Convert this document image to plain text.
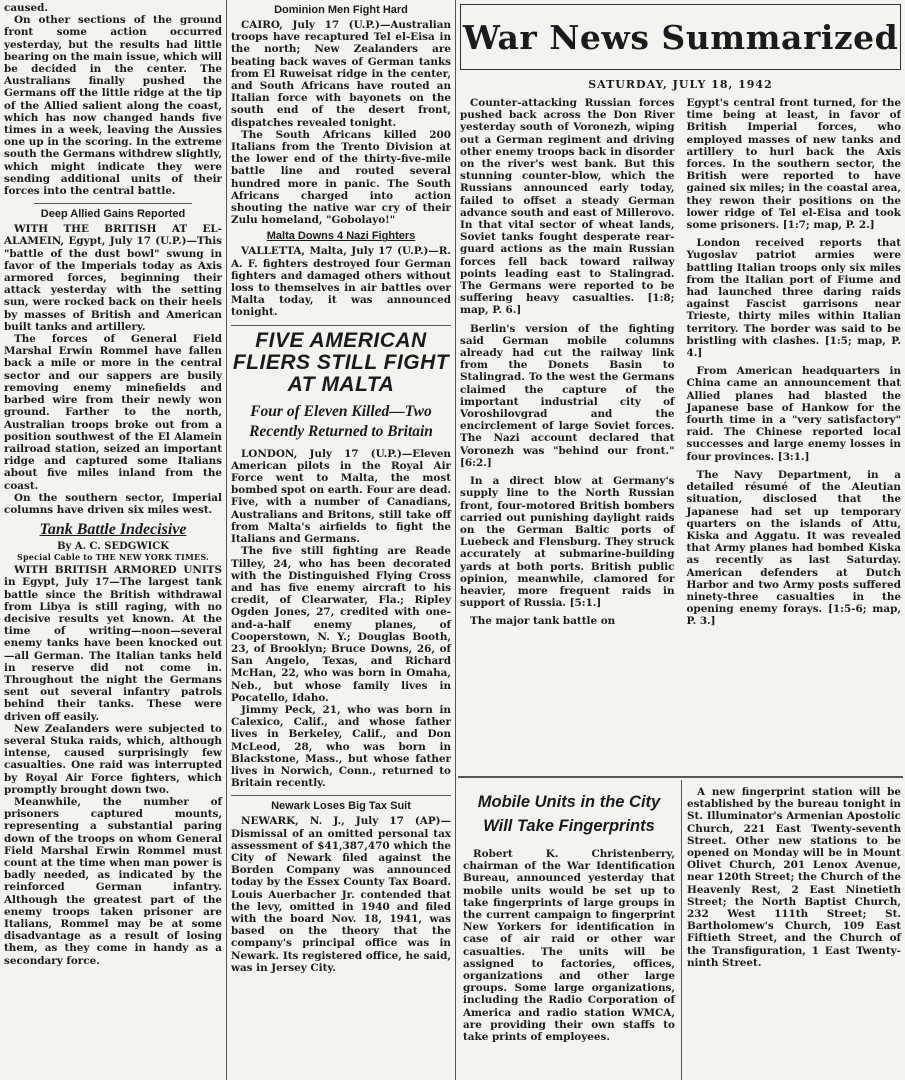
caused.

On other sections of the ground front some action occurred yesterday, but the results had little bearing on the main issue, which will be decided in the center. The Australians finally pushed the Germans off the little ridge at the tip of the Allied salient along the coast, which has now changed hands five times in a week, leaving the Aussies one up in the scoring. In the extreme south the Germans withdrew slightly, which might indicate they were sending additional units of their forces into the central battle.

Deep Allied Gains Reported

WITH THE BRITISH AT EL-ALAMEIN, Egypt, July 17 (U.P.)—This "battle of the dust bowl" swung in favor of the Imperials today as Axis armored forces, beginning their attack yesterday with the setting sun, were rocked back on their heels by masses of British and American built tanks and artillery.

The forces of General Field Marshal Erwin Rommel have fallen back a mile or more in the central sector and our sappers are busily removing enemy minefields and barbed wire from their newly won ground. Farther to the north, Australian troops broke out from a position southwest of the El Alamein railroad station, seized an important ridge and captured some Italians about five miles inland from the coast.

On the southern sector, Imperial columns have driven six miles west.

Tank Battle Indecisive

By A. C. SEDGWICK

Special Cable to THE NEW YORK TIMES.

WITH BRITISH ARMORED UNITS in Egypt, July 17—The largest tank battle since the British withdrawal from Libya is still raging, with no decisive results yet known. At the time of writing—noon—several enemy tanks have been knocked out—all German. The Italian tanks held in reserve did not come in. Throughout the night the Germans sent out several infantry patrols behind their tanks. These were driven off easily.

New Zealanders were subjected to several Stuka raids, which, although intense, caused surprisingly few casualties. One raid was interrupted by Royal Air Force fighters, which promptly brought down two.

Meanwhile, the number of prisoners captured mounts, representing a substantial paring down of the troops on whom General Field Marshal Erwin Rommel must count at the time when man power is badly needed, as indicated by the reinforced German infantry. Although the greatest part of the enemy troops taken prisoner are Italians, Rommel may be at some disadvantage as a result of losing them, as they come in handy as a secondary force.

Dominion Men Fight Hard

CAIRO, July 17 (U.P.)—Australian troops have recaptured Tel el-Eisa in the north; New Zealanders are beating back waves of German tanks from El Ruweisat ridge in the center, and South Africans have routed an Italian force with bayonets on the south end of the desert front, dispatches revealed tonight.

The South Africans killed 200 Italians from the Trento Division at the lower end of the thirty-five-mile battle line and routed several hundred more in panic. The South Africans charged into action shouting the native war cry of their Zulu homeland, "Gobolayo!"

Malta Downs 4 Nazi Fighters

VALLETTA, Malta, July 17 (U.P.)—R. A. F. fighters destroyed four German fighters and damaged others without loss to themselves in air battles over Malta today, it was announced tonight.

FIVE AMERICAN FLIERS STILL FIGHT AT MALTA
Four of Eleven Killed—Two Recently Returned to Britain

LONDON, July 17 (U.P.)—Eleven American pilots in the Royal Air Force went to Malta, the most bombed spot on earth. Four are dead. Five, with a number of Canadians, Australians and Britons, still take off from Malta's airfields to fight the Italians and Germans.

The five still fighting are Reade Tilley, 24, who has been decorated with the Distinguished Flying Cross and has five enemy aircraft to his credit, of Clearwater, Fla.; Ripley Ogden Jones, 27, credited with one-and-a-half enemy planes, of Cooperstown, N. Y.; Douglas Booth, 23, of Brooklyn; Bruce Downs, 26, of San Angelo, Texas, and Richard McHan, 22, who was born in Omaha, Neb., but whose family lives in Pocatello, Idaho.

Jimmy Peck, 21, who was born in Calexico, Calif., and whose father lives in Berkeley, Calif., and Don McLeod, 28, who was born in Blackstone, Mass., but whose father lives in Norwich, Conn., returned to Britain recently.

Newark Loses Big Tax Suit

NEWARK, N. J., July 17 (AP)—Dismissal of an omitted personal tax assessment of $41,387,470 which the City of Newark filed against the Borden Company was announced today by the Essex County Tax Board. Louis Auerbacher Jr. contended that the levy, omitted in 1940 and filed with the board Nov. 18, 1941, was based on the theory that the company's principal office was in Newark. Its registered office, he said, was in Jersey City.

War News Summarized
SATURDAY, JULY 18, 1942

Counter-attacking Russian forces pushed back across the Don River yesterday south of Voronezh, wiping out a German regiment and driving other enemy troops back in disorder on the river's west bank. But this stunning counter-blow, which the Russians announced early today, failed to offset a steady German advance south and east of Millerovo. In that vital sector of wheat lands, Soviet tanks fought desperate rear-guard actions as the main Russian forces fell back toward railway points leading east to Stalingrad. The Germans were reported to be suffering heavy casualties. [1:8; map, P. 6.]

Berlin's version of the fighting said German mobile columns already had cut the railway link from the Donets Basin to Stalingrad. To the west the Germans claimed the capture of the important industrial city of Voroshilovgrad and the encirclement of large Soviet forces. The Nazi account declared that Voronezh was "behind our front." [6:2.]

In a direct blow at Germany's supply line to the North Russian front, four-motored British bombers carried out punishing daylight raids on the German Baltic ports of Luebeck and Flensburg. They struck accurately at submarine-building yards at both ports. British public opinion, meanwhile, clamored for heavier, more frequent raids in support of Russia. [5:1.]

The major tank battle on

Egypt's central front turned, for the time being at least, in favor of British Imperial forces, who employed masses of new tanks and artillery to hurl back the Axis forces. In the southern sector, the British were reported to have gained six miles; in the coastal area, they rewon their positions on the lower ridge of Tel el-Eisa and took some prisoners. [1:7; map, P. 2.]

London received reports that Yugoslav patriot armies were battling Italian troops only six miles from the Italian port of Fiume and had launched three daring raids against Fascist garrisons near Trieste, thirty miles within Italian territory. The border was said to be bristling with clashes. [1:5; map, P. 4.]

From American headquarters in China came an announcement that Allied planes had blasted the Japanese base of Hankow for the fourth time in a "very satisfactory" raid. The Chinese reported local successes and large enemy losses in four provinces. [3:1.]

The Navy Department, in a detailed résumé of the Aleutian situation, disclosed that the Japanese had set up temporary quarters on the islands of Attu, Kiska and Aggatu. It was revealed that Army planes had bombed Kiska as recently as last Saturday. American defenders at Dutch Harbor and two Army posts suffered ninety-three casualties in the opening enemy forays. [1:5-6; map, P. 3.]

Mobile Units in the City Will Take Fingerprints

Robert K. Christenberry, chairman of the War Identification Bureau, announced yesterday that mobile units would be set up to take fingerprints of large groups in the current campaign to fingerprint New Yorkers for identification in case of air raid or other war casualties. The units will be assigned to factories, offices, organizations and other large groups. Some large organizations, including the Radio Corporation of America and radio station WMCA, are providing their own staffs to take prints of employees.

A new fingerprint station will be established by the bureau tonight in St. Illuminator's Armenian Apostolic Church, 221 East Twenty-seventh Street. Other new stations to be opened on Monday will be in Mount Olivet Church, 201 Lenox Avenue, near 120th Street; the Church of the Heavenly Rest, 2 East Ninetieth Street; the North Baptist Church, 232 West 111th Street; St. Bartholomew's Church, 109 East Fiftieth Street, and the Church of the Transfiguration, 1 East Twenty-ninth Street.
